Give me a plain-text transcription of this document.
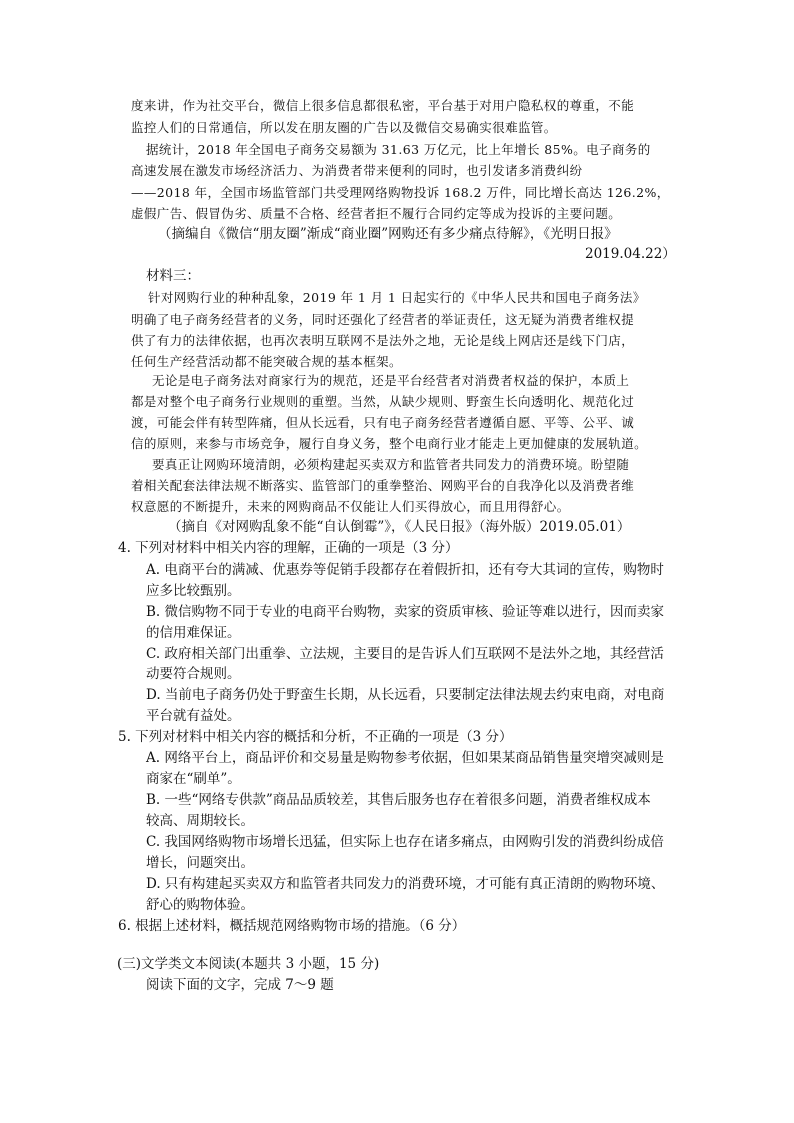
度来讲，作为社交平台，微信上很多信息都很私密，平台基于对用户隐私权的尊重，不能
监控人们的日常通信，所以发在朋友圈的广告以及微信交易确实很难监管。
据统计，2018 年全国电子商务交易额为 31.63 万亿元，比上年增长 85%。电子商务的
高速发展在激发市场经济活力、为消费者带来便利的同时，也引发诸多消费纠纷
——2018 年，全国市场监管部门共受理网络购物投诉 168.2 万件，同比增长高达 126.2%，
虚假广告、假冒伪劣、质量不合格、经营者拒不履行合同约定等成为投诉的主要问题。
（摘编自《微信“朋友圈”渐成“商业圈”网购还有多少痛点待解》，《光明日报》
2019.04.22）
材料三：
针对网购行业的种种乱象，2019 年 1 月 1 日起实行的《中华人民共和国电子商务法》
明确了电子商务经营者的义务，同时还强化了经营者的举证责任，这无疑为消费者维权提
供了有力的法律依据，也再次表明互联网不是法外之地，无论是线上网店还是线下门店，
任何生产经营活动都不能突破合规的基本框架。
无论是电子商务法对商家行为的规范，还是平台经营者对消费者权益的保护，本质上
都是对整个电子商务行业规则的重塑。当然，从缺少规则、野蛮生长向透明化、规范化过
渡，可能会伴有转型阵痛，但从长远看，只有电子商务经营者遵循自愿、平等、公平、诚
信的原则，来参与市场竞争，履行自身义务，整个电商行业才能走上更加健康的发展轨道。
要真正让网购环境清朗，必须构建起买卖双方和监管者共同发力的消费环境。盼望随
着相关配套法律法规不断落实、监管部门的重拳整治、网购平台的自我净化以及消费者维
权意愿的不断提升，未来的网购商品不仅能让人们买得放心，而且用得舒心。
（摘自《对网购乱象不能“自认倒霉”》，《人民日报》（海外版）2019.05.01）
4. 下列对材料中相关内容的理解，正确的一项是（3 分）
A. 电商平台的满减、优惠券等促销手段都存在着假折扣，还有夸大其词的宣传，购物时
应多比较甄别。
B. 微信购物不同于专业的电商平台购物，卖家的资质审核、验证等难以进行，因而卖家
的信用难保证。
C. 政府相关部门出重拳、立法规，主要目的是告诉人们互联网不是法外之地，其经营活
动要符合规则。
D. 当前电子商务仍处于野蛮生长期，从长远看，只要制定法律法规去约束电商，对电商
平台就有益处。
5. 下列对材料中相关内容的概括和分析，不正确的一项是（3 分）
A. 网络平台上，商品评价和交易量是购物参考依据，但如果某商品销售量突增突减则是
商家在“刷单”。
B. 一些“网络专供款”商品品质较差，其售后服务也存在着很多问题，消费者维权成本
较高、周期较长。
C. 我国网络购物市场增长迅猛，但实际上也存在诸多痛点，由网购引发的消费纠纷成倍
增长，问题突出。
D. 只有构建起买卖双方和监管者共同发力的消费环境，才可能有真正清朗的购物环境、
舒心的购物体验。
6. 根据上述材料，概括规范网络购物市场的措施。（6 分）
(三)文学类文本阅读(本题共 3 小题，15 分)
阅读下面的文字，完成 7～9 题
